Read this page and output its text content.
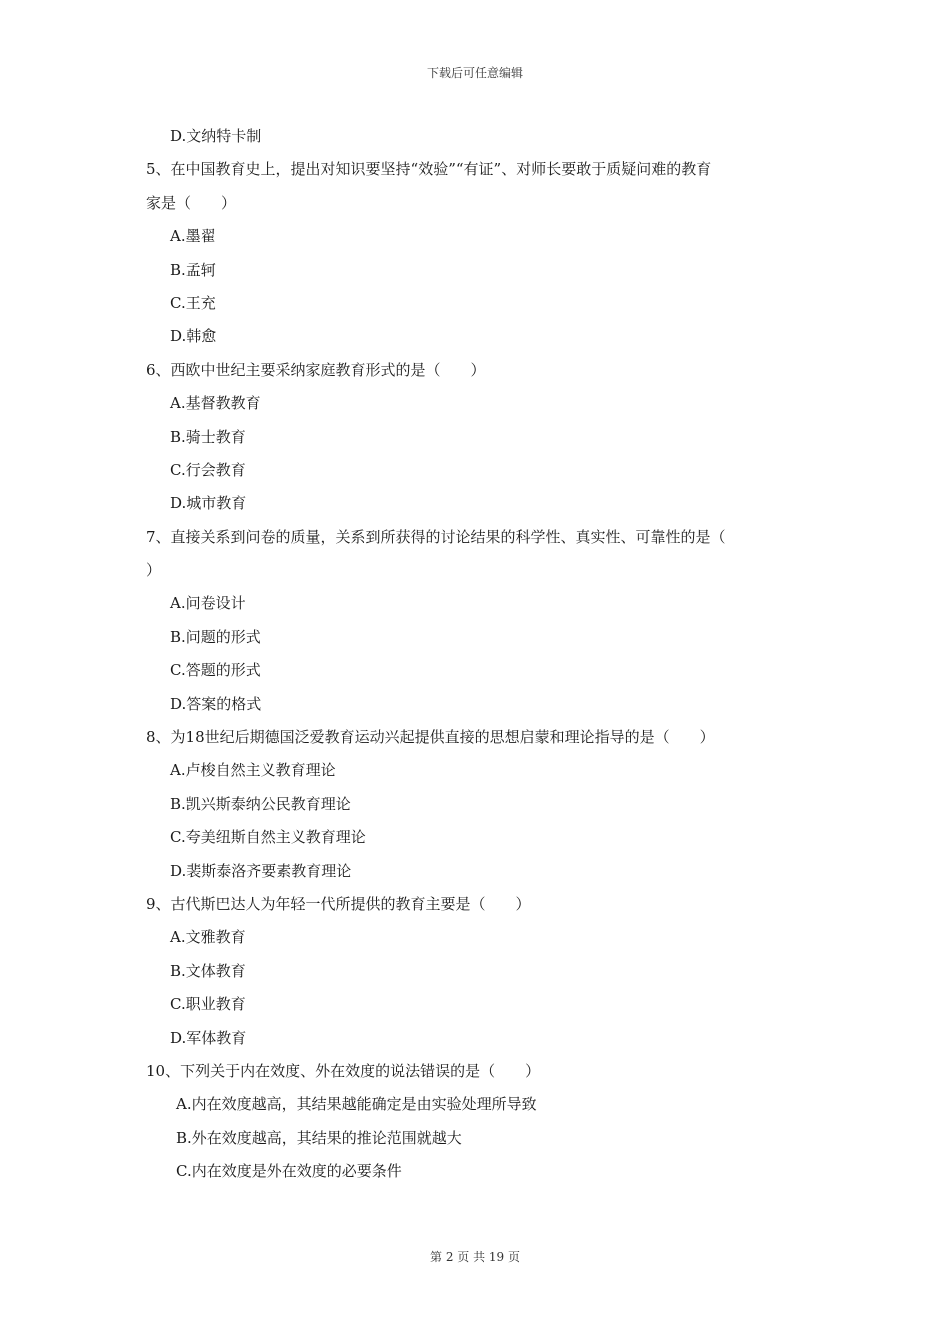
下载后可任意编辑
D.文纳特卡制
5、在中国教育史上，提出对知识要坚持“效验”“有证”、对师长要敢于质疑问难的教育
家是（　　）
A.墨翟
B.孟轲
C.王充
D.韩愈
6、西欧中世纪主要采纳家庭教育形式的是（　　）
A.基督教教育
B.骑士教育
C.行会教育
D.城市教育
7、直接关系到问卷的质量，关系到所获得的讨论结果的科学性、真实性、可靠性的是（
）
A.问卷设计
B.问题的形式
C.答题的形式
D.答案的格式
8、为18世纪后期德国泛爱教育运动兴起提供直接的思想启蒙和理论指导的是（　　）
A.卢梭自然主义教育理论
B.凯兴斯泰纳公民教育理论
C.夸美纽斯自然主义教育理论
D.裴斯泰洛齐要素教育理论
9、古代斯巴达人为年轻一代所提供的教育主要是（　　）
A.文雅教育
B.文体教育
C.职业教育
D.军体教育
10、下列关于内在效度、外在效度的说法错误的是（　　）
A.内在效度越高，其结果越能确定是由实验处理所导致
B.外在效度越高，其结果的推论范围就越大
C.内在效度是外在效度的必要条件
第 2 页 共 19 页
